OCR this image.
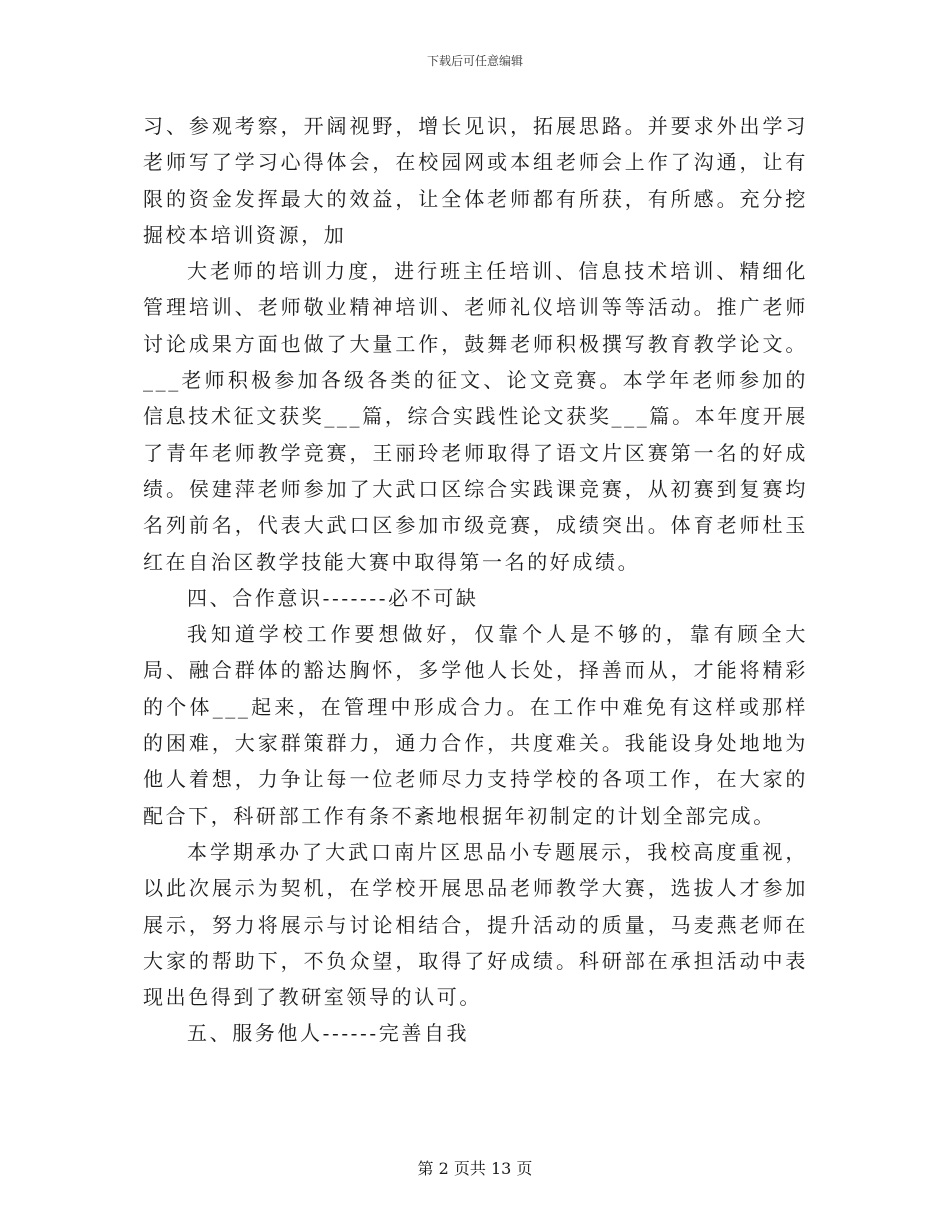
下载后可任意编辑

习、参观考察，开阔视野，增长见识，拓展思路。并要求外出学习老师写了学习心得体会，在校园网或本组老师会上作了沟通，让有限的资金发挥最大的效益，让全体老师都有所获，有所感。充分挖掘校本培训资源，加

大老师的培训力度，进行班主任培训、信息技术培训、精细化管理培训、老师敬业精神培训、老师礼仪培训等等活动。推广老师讨论成果方面也做了大量工作，鼓舞老师积极撰写教育教学论文。___老师积极参加各级各类的征文、论文竞赛。本学年老师参加的信息技术征文获奖___篇，综合实践性论文获奖___篇。本年度开展了青年老师教学竞赛，王丽玲老师取得了语文片区赛第一名的好成绩。侯建萍老师参加了大武口区综合实践课竞赛，从初赛到复赛均名列前名，代表大武口区参加市级竞赛，成绩突出。体育老师杜玉红在自治区教学技能大赛中取得第一名的好成绩。

四、合作意识-------必不可缺

我知道学校工作要想做好，仅靠个人是不够的，靠有顾全大局、融合群体的豁达胸怀，多学他人长处，择善而从，才能将精彩的个体___起来，在管理中形成合力。在工作中难免有这样或那样的困难，大家群策群力，通力合作，共度难关。我能设身处地地为他人着想，力争让每一位老师尽力支持学校的各项工作，在大家的配合下，科研部工作有条不紊地根据年初制定的计划全部完成。

本学期承办了大武口南片区思品小专题展示，我校高度重视，以此次展示为契机，在学校开展思品老师教学大赛，选拔人才参加展示，努力将展示与讨论相结合，提升活动的质量，马麦燕老师在大家的帮助下，不负众望，取得了好成绩。科研部在承担活动中表现出色得到了教研室领导的认可。

五、服务他人------完善自我

第 2 页共 13 页
